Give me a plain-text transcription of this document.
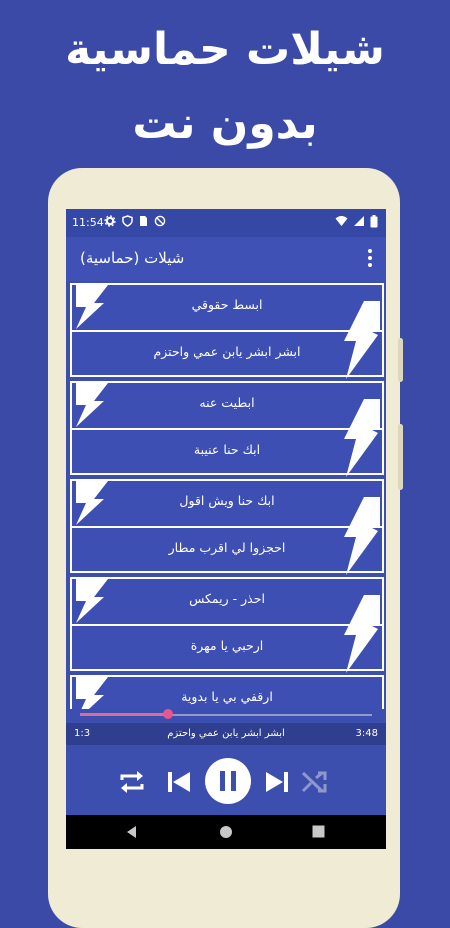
شيلات حماسية
بدون نت
11:54
شيلات (حماسية)
ابسط حقوقي
ابشر ابشر يابن عمي واحتزم
ابطيت عنه
ابك حنا عنيبة
ابك حنا ويش اقول
احجزوا لي اقرب مطار
احذر - ريمكس
ارحبي يا مهرة
ارقفي بي يا بدوية
1:3	ابشر ابشر يابن عمي واحتزم	3:48
